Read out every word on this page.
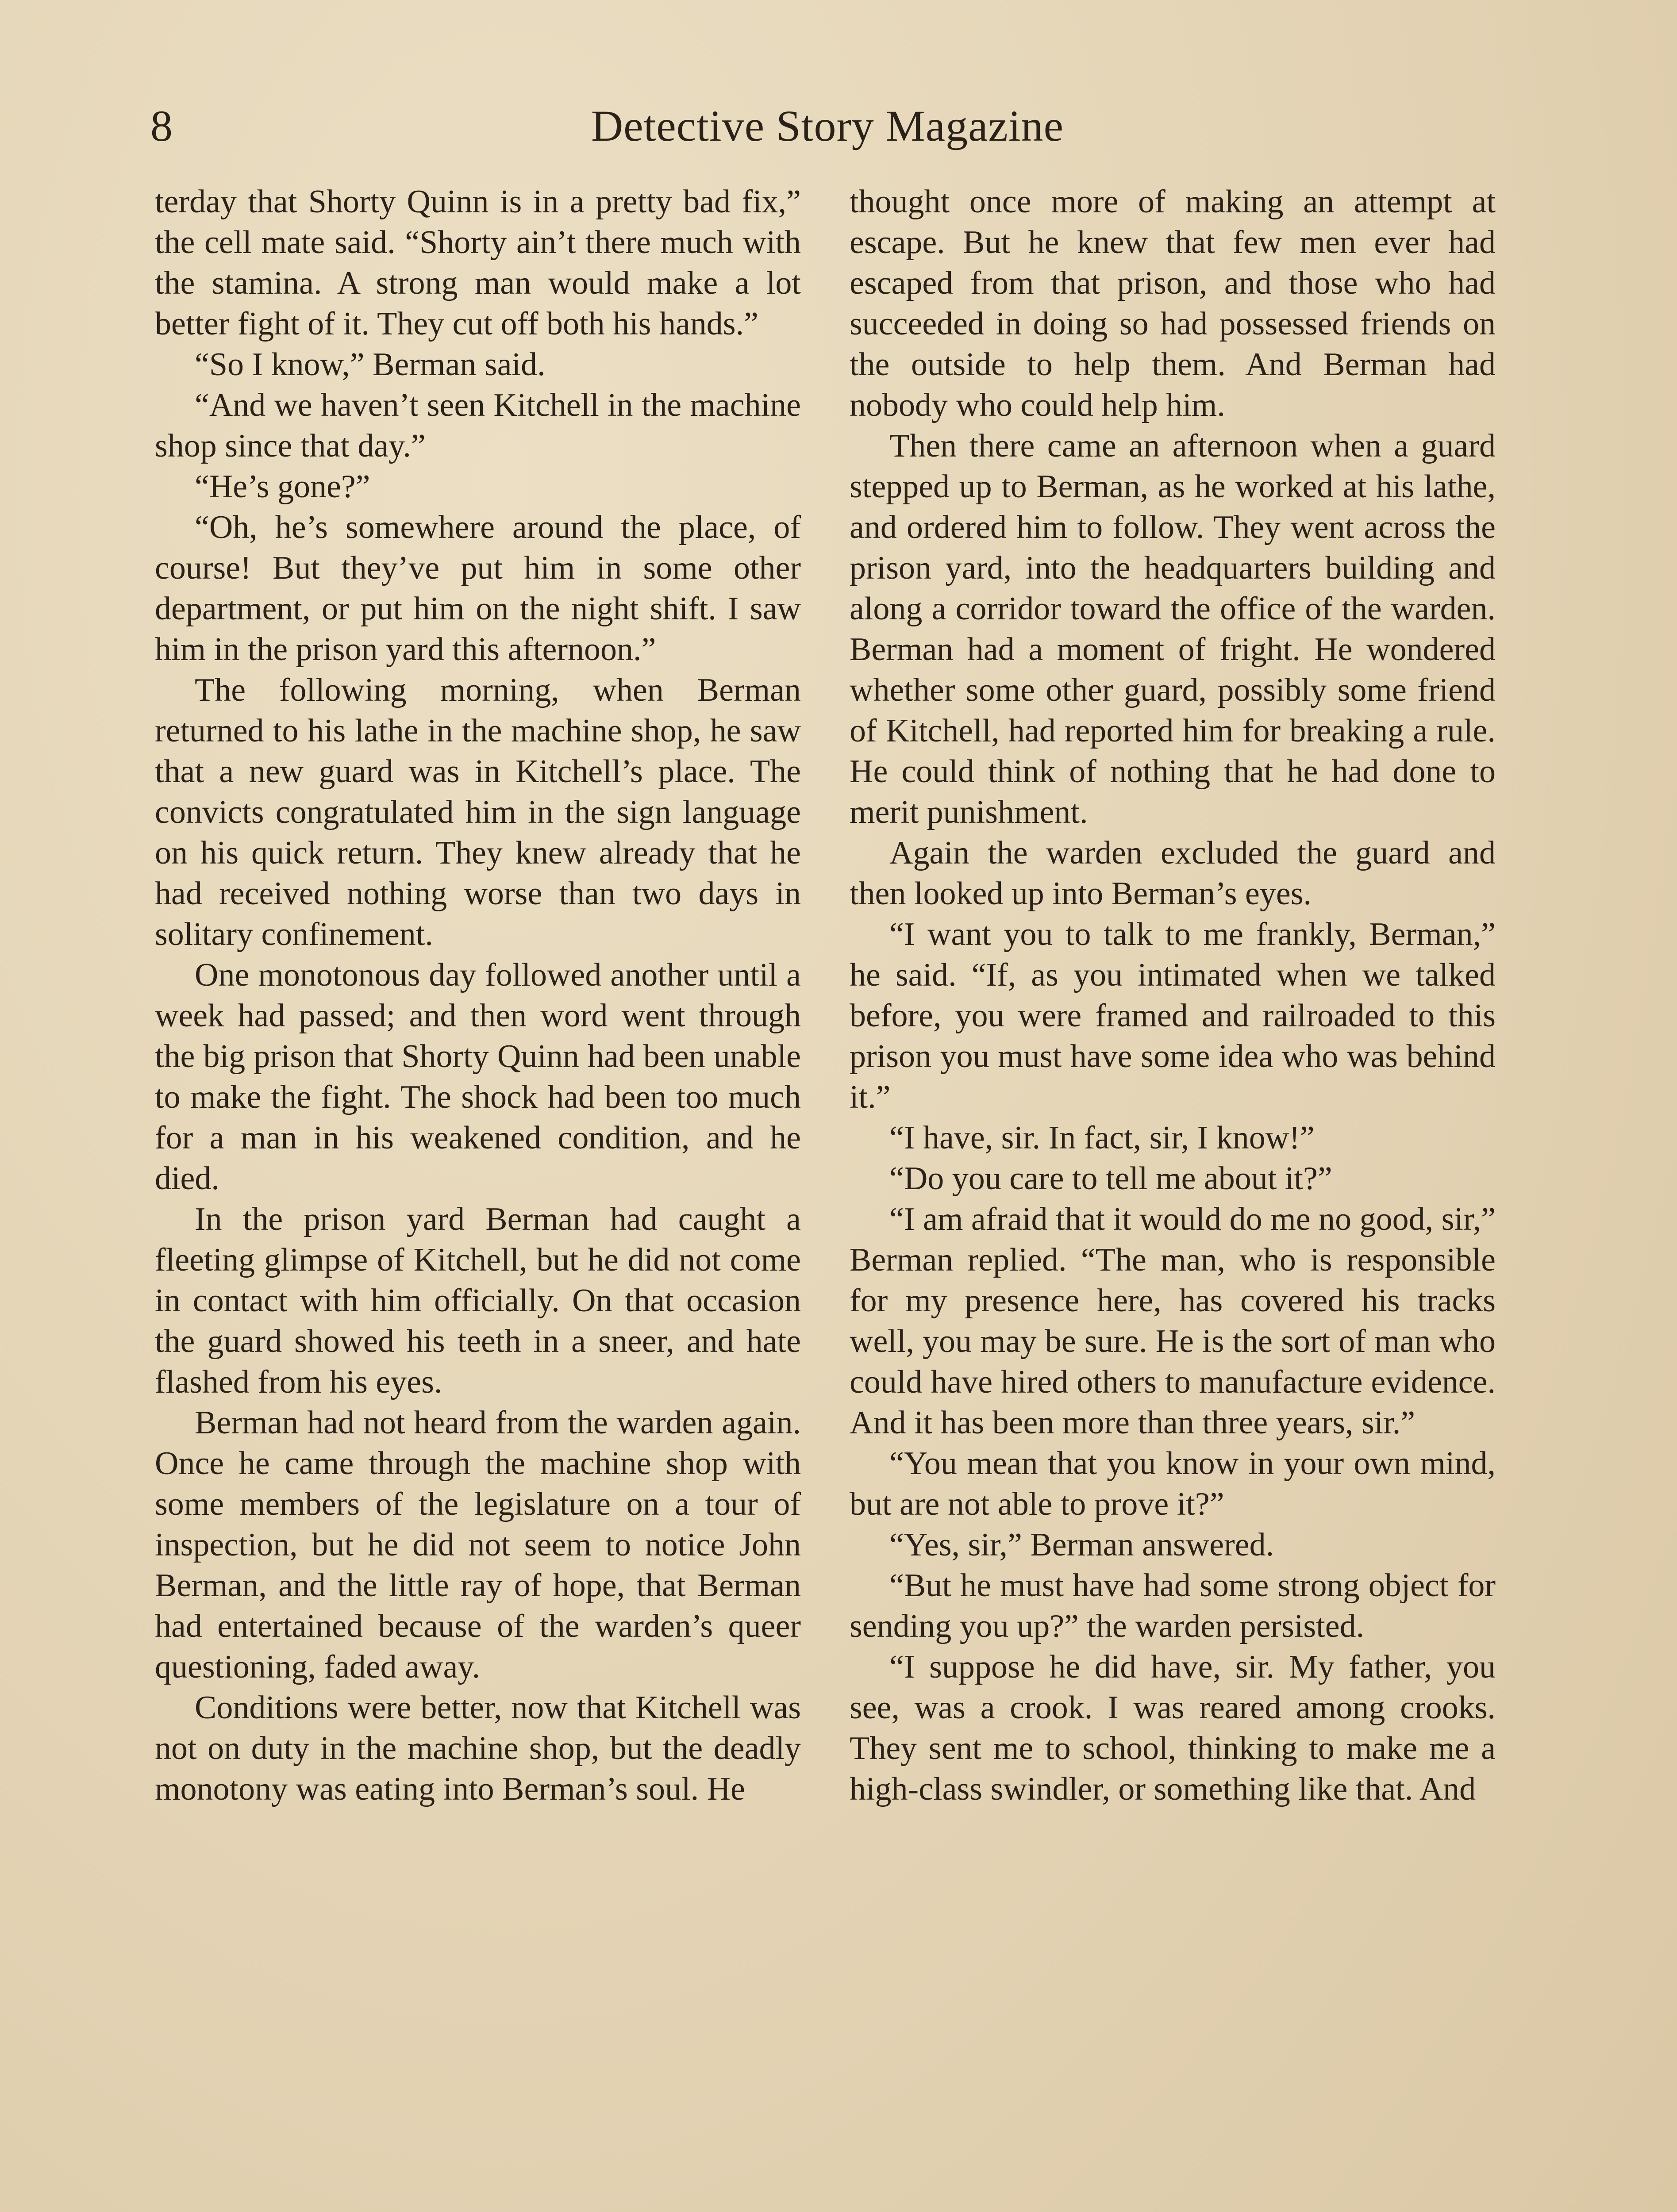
8	Detective Story Magazine

terday that Shorty Quinn is in a pretty bad fix,” the cell mate said. “Shorty ain’t there much with the stamina. A strong man would make a lot better fight of it. They cut off both his hands.”

“So I know,” Berman said.

“And we haven’t seen Kitchell in the machine shop since that day.”

“He’s gone?”

“Oh, he’s somewhere around the place, of course! But they’ve put him in some other department, or put him on the night shift. I saw him in the prison yard this afternoon.”

The following morning, when Berman returned to his lathe in the machine shop, he saw that a new guard was in Kitchell’s place. The convicts congratulated him in the sign language on his quick return. They knew already that he had received nothing worse than two days in solitary confinement.

One monotonous day followed another until a week had passed; and then word went through the big prison that Shorty Quinn had been unable to make the fight. The shock had been too much for a man in his weakened condition, and he died.

In the prison yard Berman had caught a fleeting glimpse of Kitchell, but he did not come in contact with him officially. On that occasion the guard showed his teeth in a sneer, and hate flashed from his eyes.

Berman had not heard from the warden again. Once he came through the machine shop with some members of the legislature on a tour of inspection, but he did not seem to notice John Berman, and the little ray of hope, that Berman had entertained because of the warden’s queer questioning, faded away.

Conditions were better, now that Kitchell was not on duty in the machine shop, but the deadly monotony was eating into Berman’s soul. He

thought once more of making an attempt at escape. But he knew that few men ever had escaped from that prison, and those who had succeeded in doing so had possessed friends on the outside to help them. And Berman had nobody who could help him.

Then there came an afternoon when a guard stepped up to Berman, as he worked at his lathe, and ordered him to follow. They went across the prison yard, into the headquarters building and along a corridor toward the office of the warden. Berman had a moment of fright. He wondered whether some other guard, possibly some friend of Kitchell, had reported him for breaking a rule. He could think of nothing that he had done to merit punishment.

Again the warden excluded the guard and then looked up into Berman’s eyes.

“I want you to talk to me frankly, Berman,” he said. “If, as you intimated when we talked before, you were framed and railroaded to this prison you must have some idea who was behind it.”

“I have, sir. In fact, sir, I know!”

“Do you care to tell me about it?”

“I am afraid that it would do me no good, sir,” Berman replied. “The man, who is responsible for my presence here, has covered his tracks well, you may be sure. He is the sort of man who could have hired others to manufacture evidence. And it has been more than three years, sir.”

“You mean that you know in your own mind, but are not able to prove it?”

“Yes, sir,” Berman answered.

“But he must have had some strong object for sending you up?” the warden persisted.

“I suppose he did have, sir. My father, you see, was a crook. I was reared among crooks. They sent me to school, thinking to make me a high-class swindler, or something like that. And
